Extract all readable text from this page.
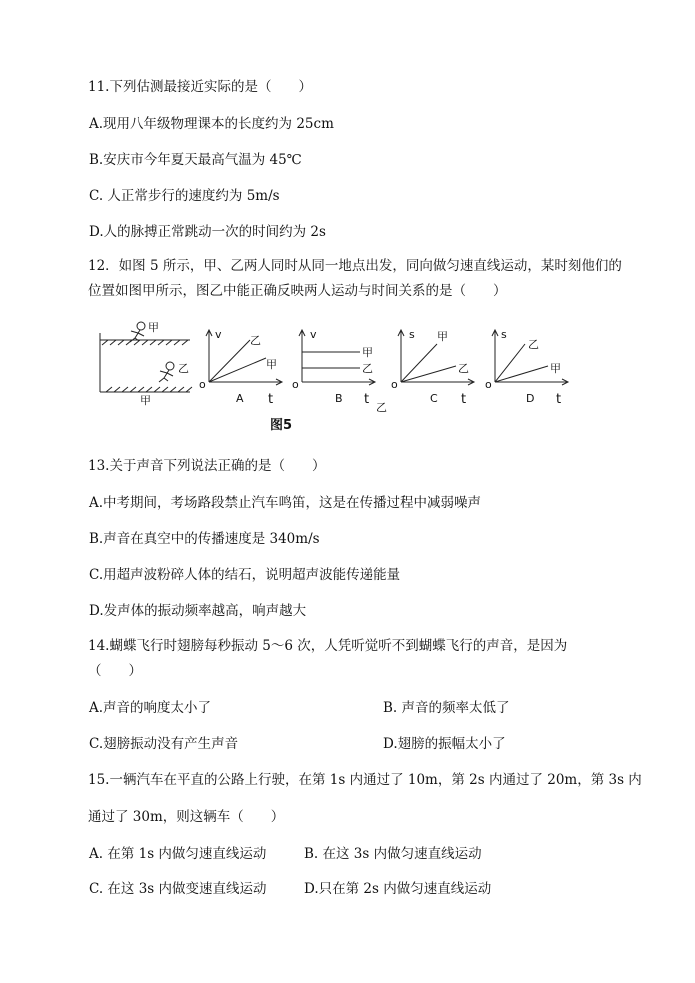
11.下列估测最接近实际的是（　　）
A.现用八年级物理课本的长度约为 25cm
B.安庆市今年夏天最高气温为 45℃
C. 人正常步行的速度约为 5m/s
D.人的脉搏正常跳动一次的时间约为 2s
12．如图 5 所示，甲、乙两人同时从同一地点出发，同向做匀速直线运动，某时刻他们的
位置如图甲所示，图乙中能正确反映两人运动与时间关系的是（　　）
甲
乙
甲
v	乙
甲
o
A t
v
甲
乙
o
B t
乙
s 甲
乙
o
C t
s
乙
甲
o
D t
图5
13.关于声音下列说法正确的是（　　）
A.中考期间，考场路段禁止汽车鸣笛，这是在传播过程中减弱噪声
B.声音在真空中的传播速度是 340m/s
C.用超声波粉碎人体的结石，说明超声波能传递能量
D.发声体的振动频率越高，响声越大
14.蝴蝶飞行时翅膀每秒振动 5～6 次，人凭听觉听不到蝴蝶飞行的声音，是因为
（　　）
A.声音的响度太小了	B. 声音的频率太低了
C.翅膀振动没有产生声音	D.翅膀的振幅太小了
15.一辆汽车在平直的公路上行驶，在第 1s 内通过了 10m，第 2s 内通过了 20m，第 3s 内
通过了 30m，则这辆车（　　）
A. 在第 1s 内做匀速直线运动	B. 在这 3s 内做匀速直线运动
C. 在这 3s 内做变速直线运动	D.只在第 2s 内做匀速直线运动
